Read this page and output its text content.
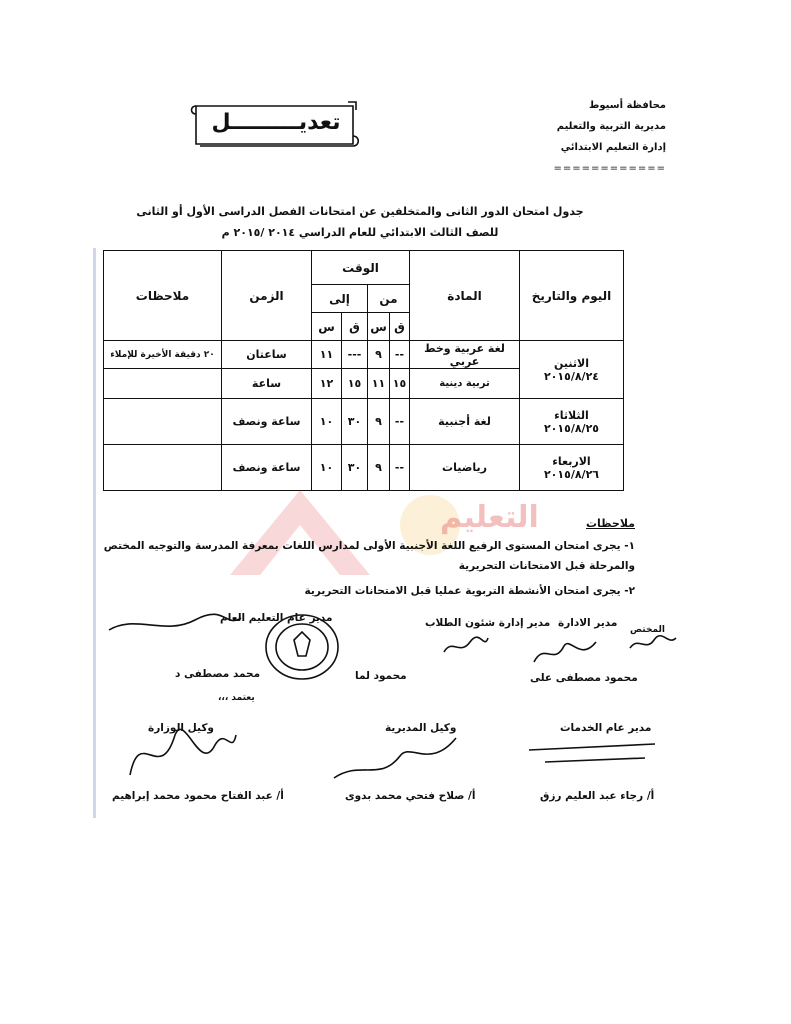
محافظة أسيوط
مديرية التربية والتعليم
إدارة التعليم الابتدائي
============
تعديـــــــــل
جدول امتحان الدور الثانى والمتخلفين عن امتحانات الفصل الدراسى الأول أو الثانى
للصف الثالث الابتدائي للعام الدراسي ٢٠١٤ /٢٠١٥ م
اليوم والتاريخ	المادة	الوقت				الزمن	ملاحظات
		من		إلى			
		ق	س	ق	س		

الاثنين
٢٠١٥/٨/٢٤	لغة عربية وخط عربي	--	٩	---	١١	ساعتان	٢٠ دقيقة الأخيرة للإملاء
	تربية دينية	١٥	١١	١٥	١٢	ساعة	

الثلاثاء
٢٠١٥/٨/٢٥	لغة أجنبية	--	٩	٣٠	١٠	ساعة ونصف	

الاربعاء
٢٠١٥/٨/٢٦	رياضيات	--	٩	٣٠	١٠	ساعة ونصف	
التعليم	ملاحظات
١- يجرى امتحان المستوى الرفيع اللغة الأجنبية الأولى لمدارس اللغات بمعرفة المدرسة والتوجيه المختص والمرحلة قبل الامتحانات التحريرية
٢- يجرى امتحان الأنشطة التربوية عمليا قبل الامتحانات التحريرية
المختص
مدير الادارة
محمود مصطفى على
مدير إدارة شئون الطلاب
محمود لما
مدير عام التعليم العام
محمد مصطفى د
يعتمد ،،،
مدير عام الخدمات
أ/ رجاء عبد العليم رزق
وكيل المديرية
أ/ صلاح فتحي محمد بدوى
وكيل الوزارة
أ/ عبد الفتاح محمود محمد إبراهيم
